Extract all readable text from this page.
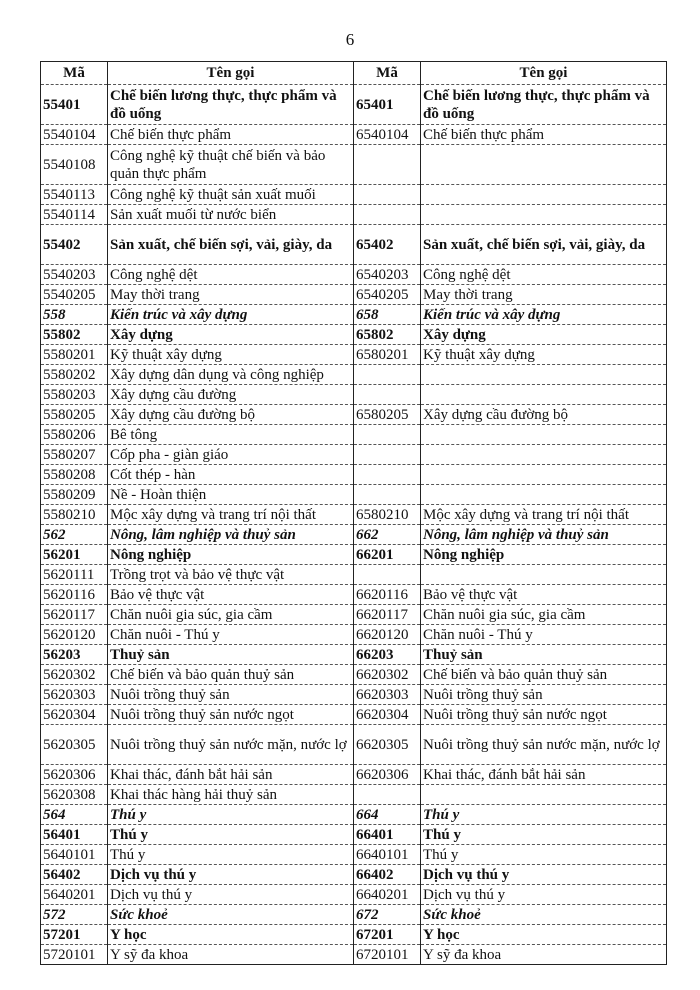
6
Mã	Tên gọi	Mã	Tên gọi
55401	Chế biến lương thực, thực phẩm và đồ uống	65401	Chế biến lương thực, thực phẩm và đồ uống
5540104	Chế biến thực phẩm	6540104	Chế biến thực phẩm
5540108	Công nghệ kỹ thuật chế biến và bảo quản thực phẩm		
5540113	Công nghệ kỹ thuật sản xuất muối		
5540114	Sản xuất muối từ nước biển		
55402	Sản xuất, chế biến sợi, vải, giày, da	65402	Sản xuất, chế biến sợi, vải, giày, da
5540203	Công nghệ dệt	6540203	Công nghệ dệt
5540205	May thời trang	6540205	May thời trang
558	Kiến trúc và xây dựng	658	Kiến trúc và xây dựng
55802	Xây dựng	65802	Xây dựng
5580201	Kỹ thuật xây dựng	6580201	Kỹ thuật xây dựng
5580202	Xây dựng dân dụng và công nghiệp		
5580203	Xây dựng cầu đường		
5580205	Xây dựng cầu đường bộ	6580205	Xây dựng cầu đường bộ
5580206	Bê tông		
5580207	Cốp pha - giàn giáo		
5580208	Cốt thép - hàn		
5580209	Nề - Hoàn thiện		
5580210	Mộc xây dựng và trang trí nội thất	6580210	Mộc xây dựng và trang trí nội thất
562	Nông, lâm nghiệp và thuỷ sản	662	Nông, lâm nghiệp và thuỷ sản
56201	Nông nghiệp	66201	Nông nghiệp
5620111	Trồng trọt và bảo vệ thực vật		
5620116	Bảo vệ thực vật	6620116	Bảo vệ thực vật
5620117	Chăn nuôi gia súc, gia cầm	6620117	Chăn nuôi gia súc, gia cầm
5620120	Chăn nuôi - Thú y	6620120	Chăn nuôi - Thú y
56203	Thuỷ sản	66203	Thuỷ sản
5620302	Chế biến và bảo quản thuỷ sản	6620302	Chế biến và bảo quản thuỷ sản
5620303	Nuôi trồng thuỷ sản	6620303	Nuôi trồng thuỷ sản
5620304	Nuôi trồng thuỷ sản nước ngọt	6620304	Nuôi trồng thuỷ sản nước ngọt
5620305	Nuôi trồng thuỷ sản nước mặn, nước lợ	6620305	Nuôi trồng thuỷ sản nước mặn, nước lợ
5620306	Khai thác, đánh bắt hải sản	6620306	Khai thác, đánh bắt hải sản
5620308	Khai thác hàng hải thuỷ sản		
564	Thú y	664	Thú y
56401	Thú y	66401	Thú y
5640101	Thú y	6640101	Thú y
56402	Dịch vụ thú y	66402	Dịch vụ thú y
5640201	Dịch vụ thú y	6640201	Dịch vụ thú y
572	Sức khoẻ	672	Sức khoẻ
57201	Y học	67201	Y học
5720101	Y sỹ đa khoa	6720101	Y sỹ đa khoa
